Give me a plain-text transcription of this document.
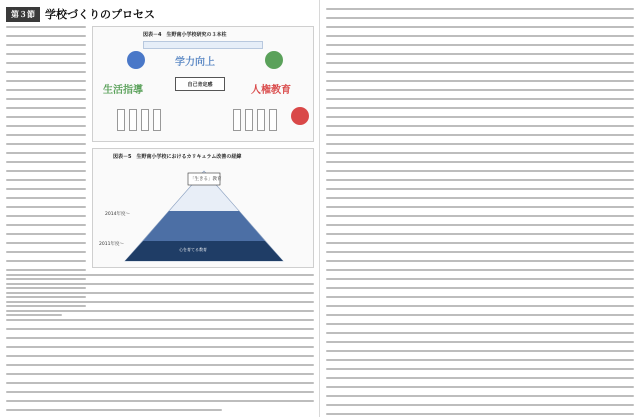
第３節 学校づくりのプロセス
図表－4　生野南小学校研究の３本柱
学力向上
生活指導	人権教育
自己肯定感
図表－5　生野南小学校におけるカリキュラム改善の経緯
「生きる」教育
2014年度～
2011年度～
心を育てる教育
